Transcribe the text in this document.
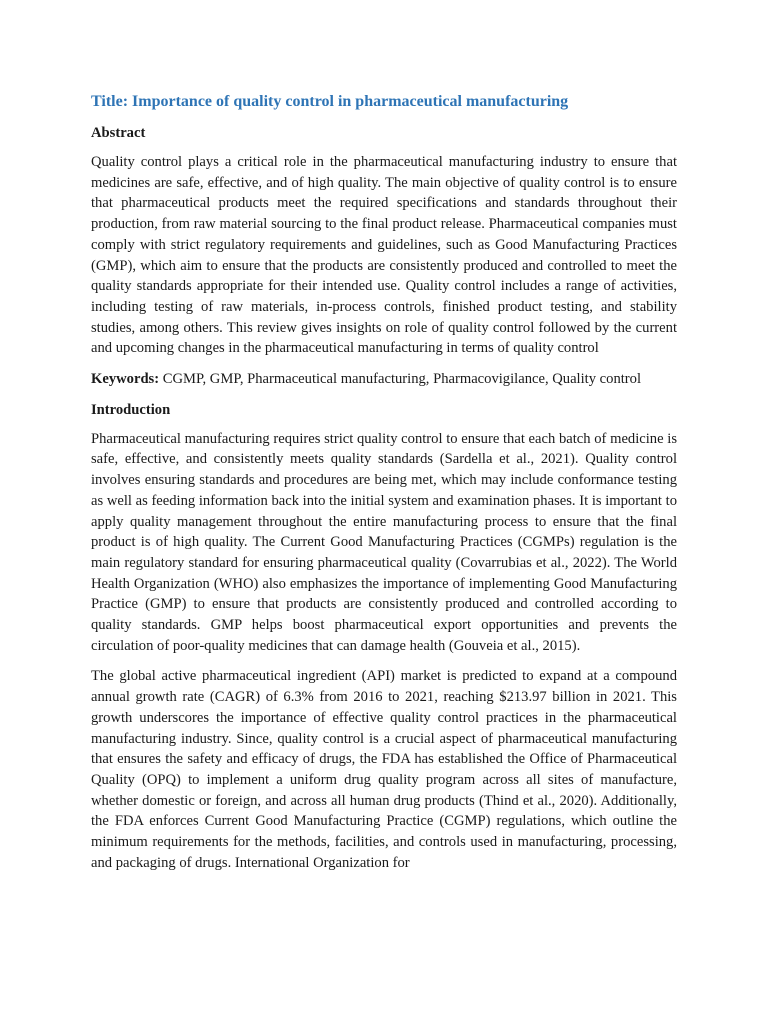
Title: Importance of quality control in pharmaceutical manufacturing
Abstract

Quality control plays a critical role in the pharmaceutical manufacturing industry to ensure that medicines are safe, effective, and of high quality. The main objective of quality control is to ensure that pharmaceutical products meet the required specifications and standards throughout their production, from raw material sourcing to the final product release. Pharmaceutical companies must comply with strict regulatory requirements and guidelines, such as Good Manufacturing Practices (GMP), which aim to ensure that the products are consistently produced and controlled to meet the quality standards appropriate for their intended use. Quality control includes a range of activities, including testing of raw materials, in-process controls, finished product testing, and stability studies, among others. This review gives insights on role of quality control followed by the current and upcoming changes in the pharmaceutical manufacturing in terms of quality control

Keywords: CGMP, GMP, Pharmaceutical manufacturing, Pharmacovigilance, Quality control

Introduction

Pharmaceutical manufacturing requires strict quality control to ensure that each batch of medicine is safe, effective, and consistently meets quality standards (Sardella et al., 2021). Quality control involves ensuring standards and procedures are being met, which may include conformance testing as well as feeding information back into the initial system and examination phases. It is important to apply quality management throughout the entire manufacturing process to ensure that the final product is of high quality. The Current Good Manufacturing Practices (CGMPs) regulation is the main regulatory standard for ensuring pharmaceutical quality (Covarrubias et al., 2022). The World Health Organization (WHO) also emphasizes the importance of implementing Good Manufacturing Practice (GMP) to ensure that products are consistently produced and controlled according to quality standards. GMP helps boost pharmaceutical export opportunities and prevents the circulation of poor-quality medicines that can damage health (Gouveia et al., 2015).

The global active pharmaceutical ingredient (API) market is predicted to expand at a compound annual growth rate (CAGR) of 6.3% from 2016 to 2021, reaching $213.97 billion in 2021. This growth underscores the importance of effective quality control practices in the pharmaceutical manufacturing industry. Since, quality control is a crucial aspect of pharmaceutical manufacturing that ensures the safety and efficacy of drugs, the FDA has established the Office of Pharmaceutical Quality (OPQ) to implement a uniform drug quality program across all sites of manufacture, whether domestic or foreign, and across all human drug products (Thind et al., 2020). Additionally, the FDA enforces Current Good Manufacturing Practice (CGMP) regulations, which outline the minimum requirements for the methods, facilities, and controls used in manufacturing, processing, and packaging of drugs. International Organization for
